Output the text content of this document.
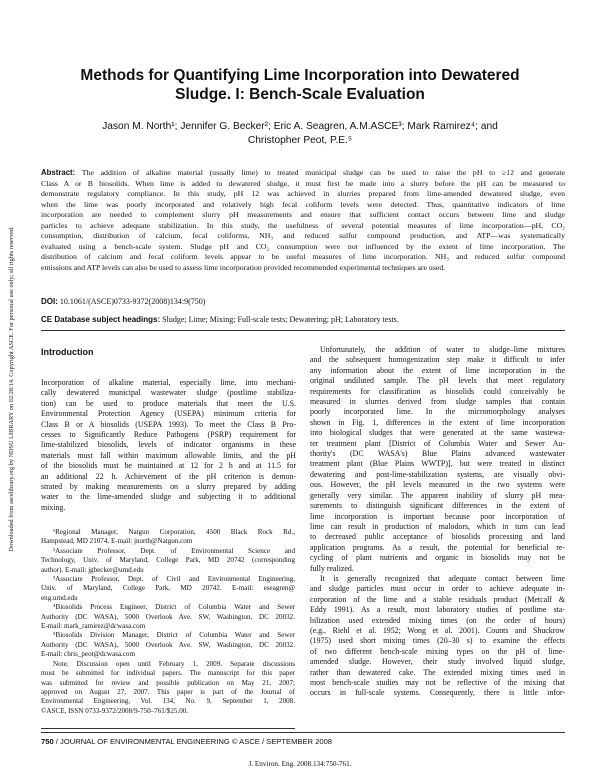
Downloaded from ascelibrary.org by NDSU LIBRARY on 02/28/14. Copyright ASCE. For personal use only; all rights reserved.
Methods for Quantifying Lime Incorporation into Dewatered
Sludge. I: Bench-Scale Evaluation
Jason M. North¹; Jennifer G. Becker²; Eric A. Seagren, A.M.ASCE³; Mark Ramirez⁴; and
Christopher Peot, P.E.⁵
Abstract: The addition of alkaline material (usually lime) to treated municipal sludge can be used to raise the pH to ≥12 and generate
Class A or B biosolids. When lime is added to dewatered sludge, it must first be made into a slurry before the pH can be measured to
demonstrate regulatory compliance. In this study, pH 12 was achieved in slurries prepared from lime-amended dewatered sludge, even
when the lime was poorly incorporated and relatively high fecal coliform levels were detected. Thus, quantitative indicators of lime
incorporation are needed to complement slurry pH measurements and ensure that sufficient contact occurs between lime and sludge
particles to achieve adequate stabilization. In this study, the usefulness of several potential measures of lime incorporation—pH, CO₂
consumption, distribution of calcium, fecal coliforms, NH₃ and reduced sulfur compound production, and ATP—was systematically
evaluated using a bench-scale system. Sludge pH and CO₂ consumption were not influenced by the extent of lime incorporation. The
distribution of calcium and fecal coliform levels appear to be useful measures of lime incorporation. NH₃ and reduced sulfur compound
emissions and ATP levels can also be used to assess lime incorporation provided recommended experimental techniques are used.
DOI: 10.1061/(ASCE)0733-9372(2008)134:9(750)
CE Database subject headings: Sludge; Lime; Mixing; Full-scale tests; Dewatering; pH; Laboratory tests.
Introduction
Incorporation of alkaline material, especially lime, into mechani-
cally dewatered municipal wastewater sludge (postlime stabiliza-
tion) can be used to produce materials that meet the U.S.
Environmental Protection Agency (USEPA) minimum criteria for
Class B or A biosolids (USEPA 1993). To meet the Class B Pro-
cesses to Significantly Reduce Pathogens (PSRP) requirement for
lime-stabilized biosolids, levels of indicator organisms in these
materials must fall within maximum allowable limits, and the pH
of the biosolids must be maintained at 12 for 2 h and at 11.5 for
an additional 22 h. Achievement of the pH criterion is demon-
strated by making measurements on a slurry prepared by adding
water to the lime-amended sludge and subjecting it to additional
mixing.
¹Regional Manager, Natgun Corporation, 4500 Black Rock Rd.,
Hampstead, MD 21074. E-mail: jnorth@Natgun.com
²Associate Professor, Dept. of Environmental Science and
Technology, Univ. of Maryland, College Park, MD 20742 (corresponding
author). E-mail: jgbecker@umd.edu
³Associate Professor, Dept. of Civil and Environmental Engineering,
Univ. of Maryland, College Park, MD 20742. E-mail: eseagren@
eng.umd.edu
⁴Biosolids Process Engineer, District of Columbia Water and Sewer
Authority (DC WASA), 5000 Overlook Ave. SW, Washington, DC 20032.
E-mail: mark_ramirez@dcwasa.com
⁵Biosolids Division Manager, District of Columbia Water and Sewer
Authority (DC WASA), 5000 Overlook Ave. SW, Washington, DC 20032.
E-mail: chris_peot@dcwasa.com
Note. Discussion open until February 1, 2009. Separate discussions
must be submitted for individual papers. The manuscript for this paper
was submitted for review and possible publication on May 21, 2007;
approved on August 27, 2007. This paper is part of the Journal of
Environmental Engineering, Vol. 134, No. 9, September 1, 2008.
©ASCE, ISSN 0733-9372/2008/9-750–761/$25.00.
Unfortunately, the addition of water to sludge–lime mixtures
and the subsequent homogenization step make it difficult to infer
any information about the extent of lime incorporation in the
original undiluted sample. The pH levels that meet regulatory
requirements for classification as biosolids could conceivably be
measured in slurries derived from sludge samples that contain
poorly incorporated lime. In the micromorphology analyses
shown in Fig. 1, differences in the extent of lime incorporation
into biological sludges that were generated at the same wastewa-
ter treatment plant [District of Columbia Water and Sewer Au-
thority's (DC WASA's) Blue Plains advanced wastewater
treatment plant (Blue Plains WWTP)], but were treated in distinct
dewatering and post-lime-stabilization systems, are visually obvi-
ous. However, the pH levels measured in the two systems were
generally very similar. The apparent inability of slurry pH mea-
surements to distinguish significant differences in the extent of
lime incorporation is important because poor incorporation of
lime can result in production of malodors, which in turn can lead
to decreased public acceptance of biosolids processing and land
application programs. As a result, the potential for beneficial re-
cycling of plant nutrients and organic in biosolids may not be
fully realized.
It is generally recognized that adequate contact between lime
and sludge particles must occur in order to achieve adequate in-
corporation of the lime and a stable residuals product (Metcalf &
Eddy 1991). As a result, most laboratory studies of postlime sta-
bilization used extended mixing times (on the order of hours)
(e.g., Riehl et al. 1952; Wong et al. 2001). Counts and Shuckrow
(1975) used short mixing times (20–30 s) to examine the effects
of two different bench-scale mixing types on the pH of lime-
amended sludge. However, their study involved liquid sludge,
rather than dewatered cake. The extended mixing times used in
most bench-scale studies may not be reflective of the mixing that
occurs in full-scale systems. Consequently, there is little infor-
750 / JOURNAL OF ENVIRONMENTAL ENGINEERING © ASCE / SEPTEMBER 2008
J. Environ. Eng. 2008.134:750-761.
